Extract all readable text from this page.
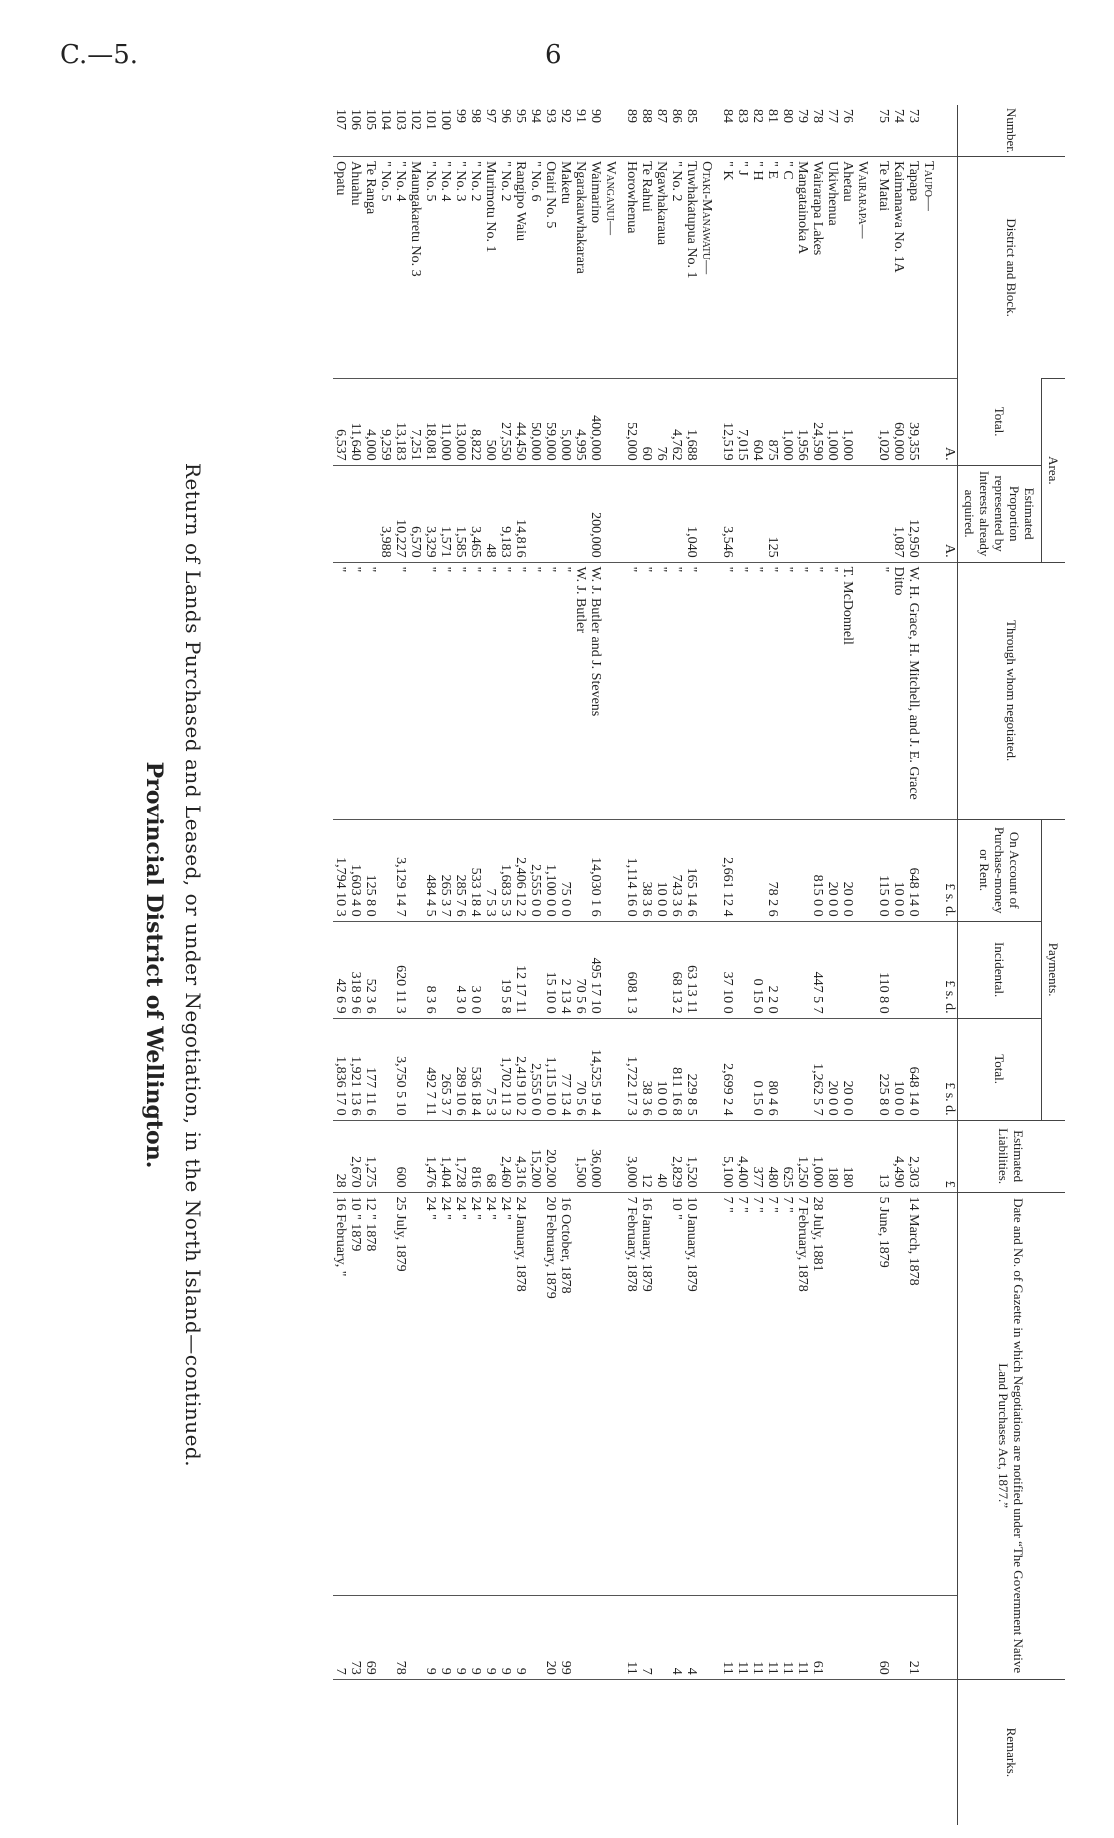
C.—5.	6
Number.	District and Block.	Area.		Through whom negotiated.	Payments.			Estimated Liabilities.	Date and No. of Gazette in which Negotiations are notified under “The Government Native Land Purchases Act, 1877.”		Remarks.
		Total.	Estimated Proportion represented by Interests already acquired.		On Account of Purchase-money or Rent.	Incidental.	Total.				
		A.	A.		£ s. d.	£ s. d.	£ s. d.	£			
	Taupo—										
73	Tapapa	39,355	12,950	W. H. Grace, H. Mitchell, and J. E. Grace	648 14 0		648 14 0	2,303	14 March, 1878	21	
74	Kaimanawa No. 1A	60,000	1,087	Ditto	10 0 0		10 0 0	4,490			
75	Te Matai	1,020		"	115 0 0	110 8 0	225 8 0	13	5 June, 1879	60	
	Wairarapa—										
76	Ahetau	1,000		T. McDonnell	20 0 0		20 0 0	180			
77	Ukiwhenua	1,000		"	20 0 0		20 0 0	180			
78	Wairarapa Lakes	24,590		"	815 0 0	447 5 7	1,262 5 7	1,000	28 July, 1881	61	
79	Mangatainoka A	1,956		"				1,250	7 February, 1878	11	
80	" C	1,000		"				625	7 "	11	
81	" E	875	125	"	78 2 6	2 2 0	80 4 6	480	7 "	11	
82	" H	604		"		0 15 0	0 15 0	377	7 "	11	
83	" J	7,015		"				4,400	7 "	11	
84	" K	12,519	3,546	"	2,661 12 4	37 10 0	2,699 2 4	5,100	7 "	11	
	Otaki-Manawatu—										
85	Tuwhakatupua No. 1	1,688	1,040	"	165 14 6	63 13 11	229 8 5	1,520	10 January, 1879	4	
86	" No. 2	4,762		"	743 3 6	68 13 2	811 16 8	2,829	10 "	4	
87	Ngawhakaraua	76		"	10 0 0		10 0 0	40			
88	Te Rahui	60		"	38 3 6		38 3 6	12	16 January, 1879	7	
89	Horowhenua	52,000		"	1,114 16 0	608 1 3	1,722 17 3	3,000	7 February, 1878	11	
	Wanganui—										
90	Waimarino	400,000	200,000	W. J. Butler and J. Stevens	14,030 1 6	495 17 10	14,525 19 4	36,000			
91	Ngarakauwhakarara	4,995		W. J. Butler		70 5 6	70 5 6	1,500			
92	Maketu	5,000		"	75 0 0	2 13 4	77 13 4		16 October, 1878	99	
93	Otairi No. 5	59,000		"	1,100 0 0	15 10 0	1,115 10 0	20,200	20 February, 1879	20	
94	" No. 6	50,000		"	2,555 0 0		2,555 0 0	15,200			
95	Rangipo Waiu	44,450	14,816	"	2,406 12 2	12 17 11	2,419 10 2	4,316	24 January, 1878	9	
96	" No. 2	27,550	9,183	"	1,683 5 3	19 5 8	1,702 11 3	2,460	24 "	9	
97	Murimotu No. 1	500	48	"	7 5 3		7 5 3	68	24 "	9	
98	" No. 2	8,822	3,465	"	533 18 4	3 0 0	536 18 4	816	24 "	9	
99	" No. 3	13,000	1,585	"	285 7 6	4 3 0	289 10 6	1,728	24 "	9	
100	" No. 4	11,000	1,571	"	265 3 7		265 3 7	1,404	24 "	9	
101	" No. 5	18,081	3,329	"	484 4 5	8 3 6	492 7 11	1,476	24 "	9	
102	Maungakaretu No. 3	7,251	6,570								
103	" No. 4	13,183	10,227	"	3,129 14 7	620 11 3	3,750 5 10	600	25 July, 1879	78	
104	" No. 5	9,259	3,988								
105	Te Ranga	4,000		"	125 8 0	52 3 6	177 11 6	1,275	12 " 1878	69	
106	Ahuahu	11,640		"	1,603 4 0	318 9 6	1,921 13 6	2,670	10 " 1879	73	
107	Opatu	6,537		"	1,794 10 3	42 6 9	1,836 17 0	28	16 February, "	7	
Return of Lands Purchased and Leased, or under Negotiation, in the North Island—continued.
Provincial District of Wellington.
